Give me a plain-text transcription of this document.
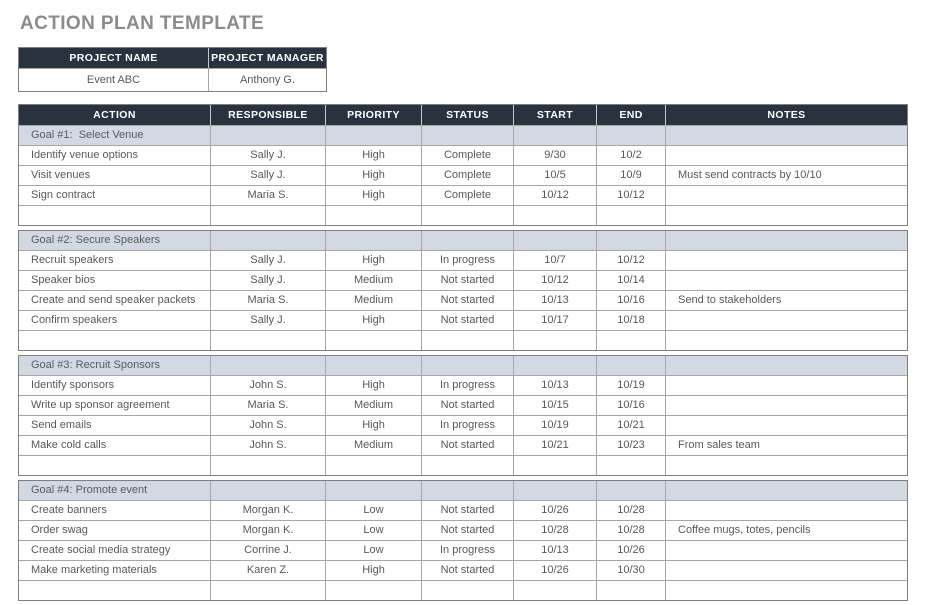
ACTION PLAN TEMPLATE
PROJECT NAME	PROJECT MANAGER
Event ABC	Anthony G.
ACTION	RESPONSIBLE	PRIORITY	STATUS	START	END	NOTES
Goal #1:  Select Venue
Identify venue options	Sally J.	High	Complete	9/30	10/2
Visit venues	Sally J.	High	Complete	10/5	10/9	Must send contracts by 10/10
Sign contract	Maria S.	High	Complete	10/12	10/12
Goal #2: Secure Speakers
Recruit speakers	Sally J.	High	In progress	10/7	10/12
Speaker bios	Sally J.	Medium	Not started	10/12	10/14
Create and send speaker packets	Maria S.	Medium	Not started	10/13	10/16	Send to stakeholders
Confirm speakers	Sally J.	High	Not started	10/17	10/18
Goal #3: Recruit Sponsors
Identify sponsors	John S.	High	In progress	10/13	10/19
Write up sponsor agreement	Maria S.	Medium	Not started	10/15	10/16
Send emails	John S.	High	In progress	10/19	10/21
Make cold calls	John S.	Medium	Not started	10/21	10/23	From sales team
Goal #4: Promote event
Create banners	Morgan K.	Low	Not started	10/26	10/28
Order swag	Morgan K.	Low	Not started	10/28	10/28	Coffee mugs, totes, pencils
Create social media strategy	Corrine J.	Low	In progress	10/13	10/26
Make marketing materials	Karen Z.	High	Not started	10/26	10/30
